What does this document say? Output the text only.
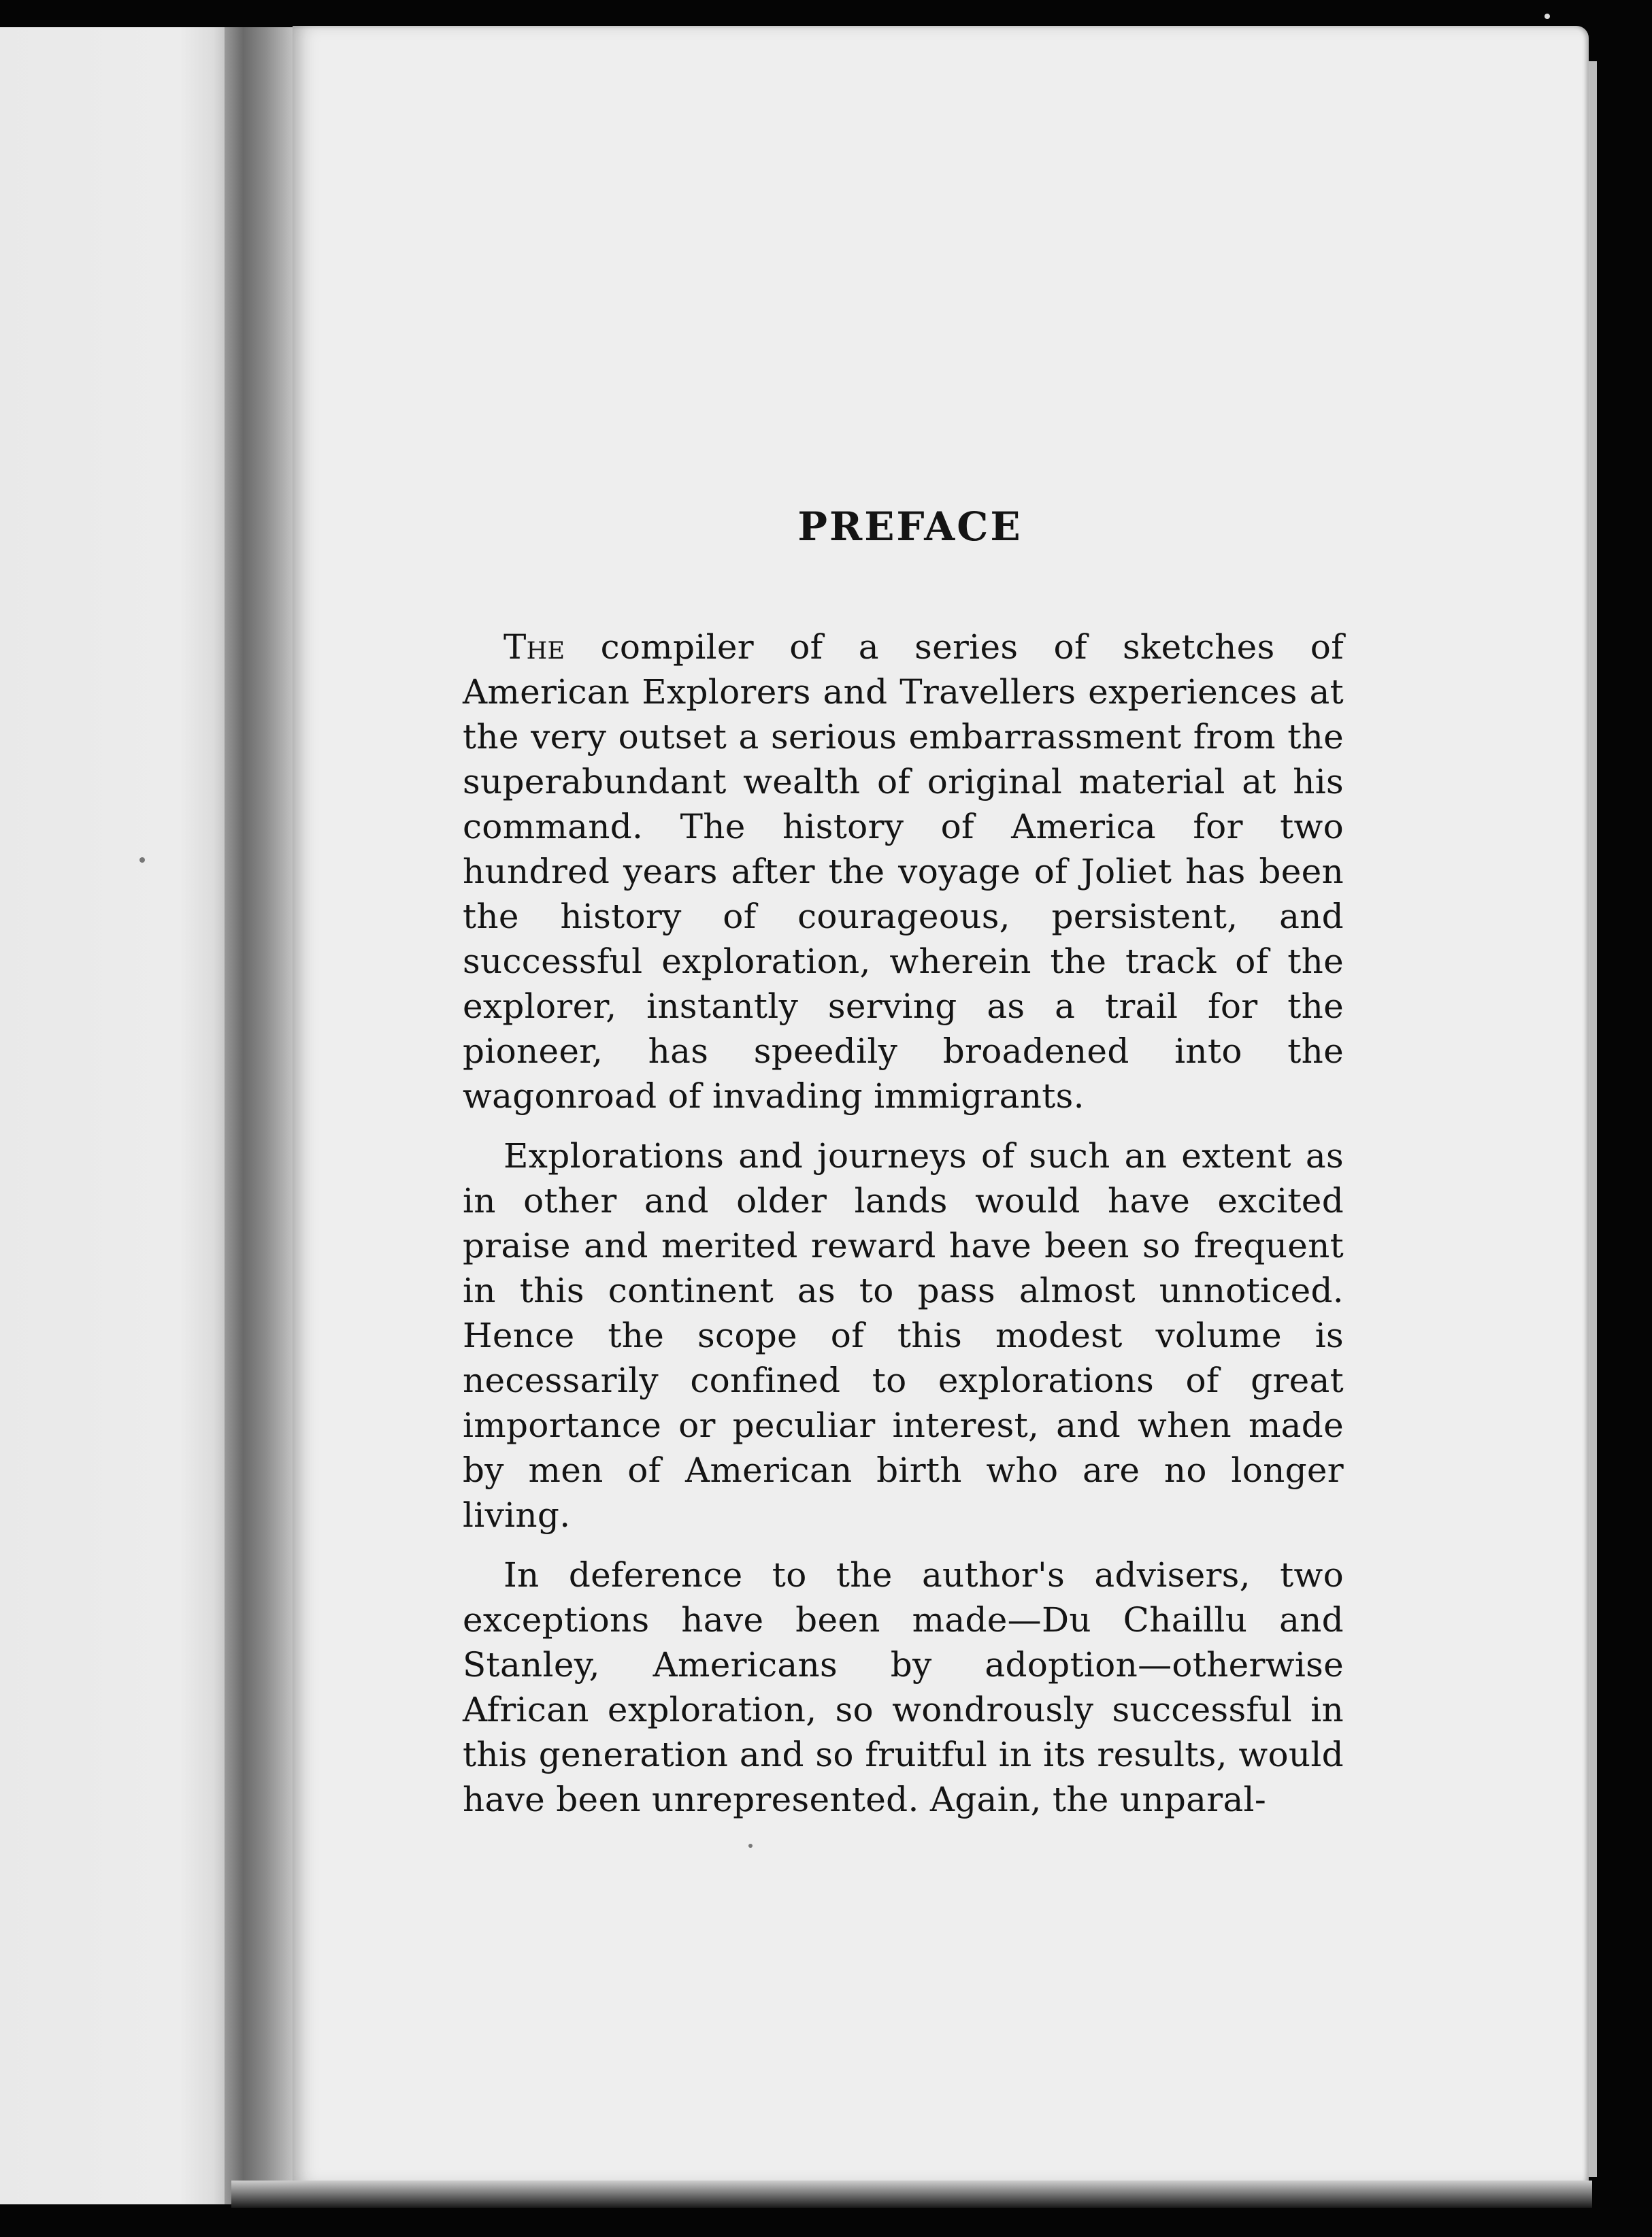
PREFACE

The compiler of a series of sketches of American Explorers and Travellers experiences at the very outset a serious embarrassment from the superabundant wealth of original material at his command. The history of America for two hundred years after the voyage of Joliet has been the history of courageous, persistent, and successful exploration, wherein the track of the explorer, instantly serving as a trail for the pioneer, has speedily broadened into the wagonroad of invading immigrants.

Explorations and journeys of such an extent as in other and older lands would have excited praise and merited reward have been so frequent in this continent as to pass almost unnoticed. Hence the scope of this modest volume is necessarily confined to explorations of great importance or peculiar interest, and when made by men of American birth who are no longer living.

In deference to the author's advisers, two exceptions have been made—Du Chaillu and Stanley, Americans by adoption—otherwise African exploration, so wondrously successful in this generation and so fruitful in its results, would have been unrepresented. Again, the unparal-
